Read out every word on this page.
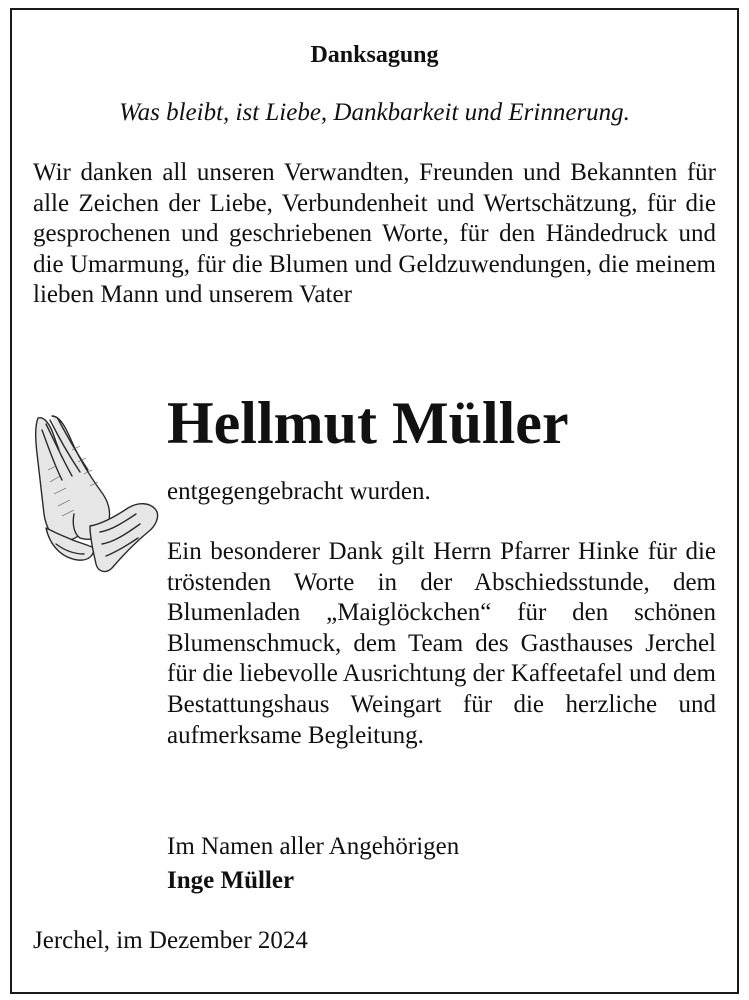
Danksagung
Was bleibt, ist Liebe, Dankbarkeit und Erinnerung.
Wir danken all unseren Verwandten, Freunden und Bekannten für alle Zeichen der Liebe, Verbundenheit und Wertschätzung, für die gesprochenen und geschriebenen Worte, für den Händedruck und die Umarmung, für die Blumen und Geldzuwendungen, die meinem lieben Mann und unserem Vater
Hellmut Müller
entgegengebracht wurden.
Ein besonderer Dank gilt Herrn Pfarrer Hinke für die tröstenden Worte in der Abschiedsstunde, dem Blumenladen „Maiglöckchen“ für den schönen Blumenschmuck, dem Team des Gasthauses Jerchel für die liebevolle Ausrichtung der Kaffeetafel und dem Bestattungshaus Weingart für die herzliche und aufmerksame Begleitung.
Im Namen aller Angehörigen
Inge Müller
Jerchel, im Dezember 2024
